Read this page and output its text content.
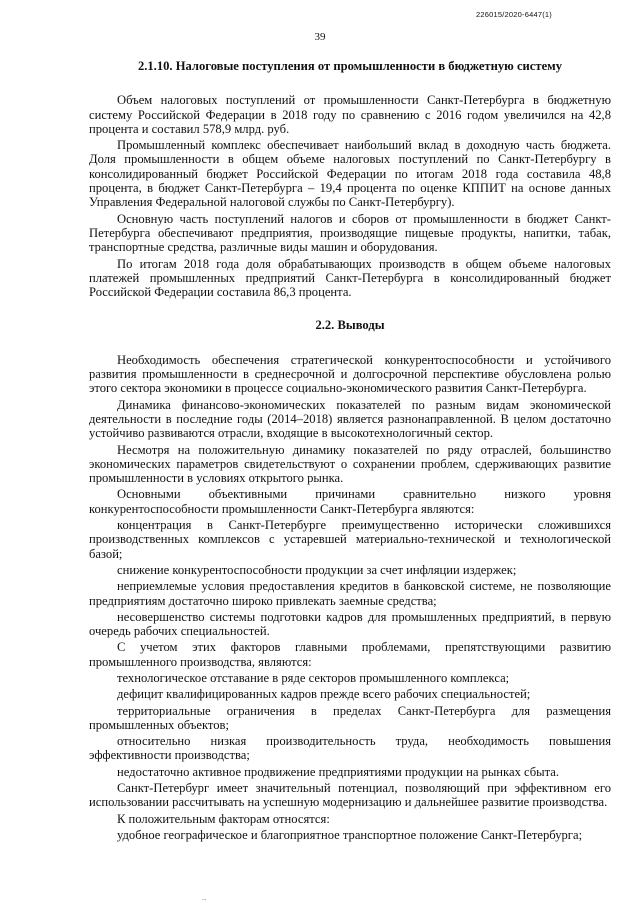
226015/2020-6447(1)
39
2.1.10. Налоговые поступления от промышленности в бюджетную систему

Объем налоговых поступлений от промышленности Санкт-Петербурга в бюджетную систему Российской Федерации в 2018 году по сравнению с 2016 годом увеличился на 42,8 процента и составил 578,9 млрд. руб.

Промышленный комплекс обеспечивает наибольший вклад в доходную часть бюджета. Доля промышленности в общем объеме налоговых поступлений по Санкт-Петербургу в консолидированный бюджет Российской Федерации по итогам 2018 года составила 48,8 процента, в бюджет Санкт-Петербурга – 19,4 процента по оценке КППИТ на основе данных Управления Федеральной налоговой службы по Санкт-Петербургу).

Основную часть поступлений налогов и сборов от промышленности в бюджет Санкт-Петербурга обеспечивают предприятия, производящие пищевые продукты, напитки, табак, транспортные средства, различные виды машин и оборудования.

По итогам 2018 года доля обрабатывающих производств в общем объеме налоговых платежей промышленных предприятий Санкт-Петербурга в консолидированный бюджет Российской Федерации составила 86,3 процента.

2.2. Выводы

Необходимость обеспечения стратегической конкурентоспособности и устойчивого развития промышленности в среднесрочной и долгосрочной перспективе обусловлена ролью этого сектора экономики в процессе социально-экономического развития Санкт-Петербурга.

Динамика финансово-экономических показателей по разным видам экономической деятельности в последние годы (2014–2018) является разнонаправленной. В целом достаточно устойчиво развиваются отрасли, входящие в высокотехнологичный сектор.

Несмотря на положительную динамику показателей по ряду отраслей, большинство экономических параметров свидетельствуют о сохранении проблем, сдерживающих развитие промышленности в условиях открытого рынка.

Основными объективными причинами сравнительно низкого уровня конкурентоспособности промышленности Санкт-Петербурга являются:

концентрация в Санкт-Петербурге преимущественно исторически сложившихся производственных комплексов с устаревшей материально-технической и технологической базой;

снижение конкурентоспособности продукции за счет инфляции издержек;

неприемлемые условия предоставления кредитов в банковской системе, не позволяющие предприятиям достаточно широко привлекать заемные средства;

несовершенство системы подготовки кадров для промышленных предприятий, в первую очередь рабочих специальностей.

С учетом этих факторов главными проблемами, препятствующими развитию промышленного производства, являются:

технологическое отставание в ряде секторов промышленного комплекса;

дефицит квалифицированных кадров прежде всего рабочих специальностей;

территориальные ограничения в пределах Санкт-Петербурга для размещения промышленных объектов;

относительно низкая производительность труда, необходимость повышения эффективности производства;

недостаточно активное продвижение предприятиями продукции на рынках сбыта.

Санкт-Петербург имеет значительный потенциал, позволяющий при эффективном его использовании рассчитывать на успешную модернизацию и дальнейшее развитие производства.

К положительным факторам относятся:

удобное географическое и благоприятное транспортное положение Санкт-Петербурга;

...
